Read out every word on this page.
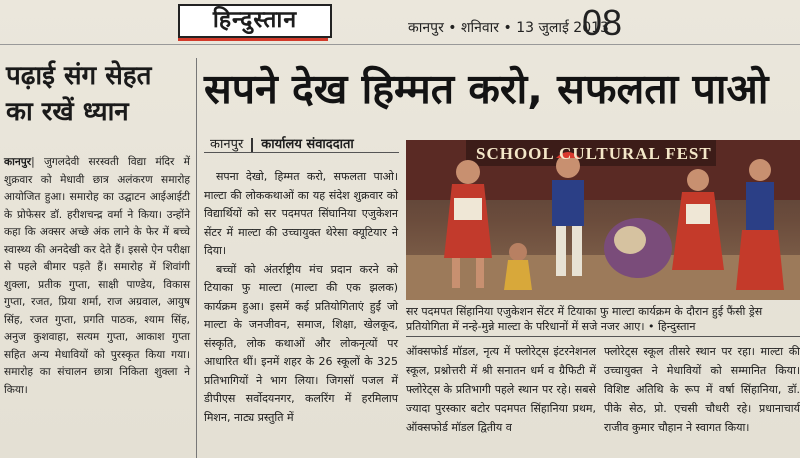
हिन्दुस्तान	कानपुर • शनिवार • 13 जुलाई 2013
08
पढ़ाई संग सेहत
का रखें ध्यान
कानपुर| जुगलदेवी सरस्वती विद्या मंदिर में शुक्रवार को मेधावी छात्र अलंकरण समारोह आयोजित हुआ। समारोह का उद्घाटन आईआईटी के प्रोफेसर डॉ. हरीशचन्द्र वर्मा ने किया। उन्होंने कहा कि अक्सर अच्छे अंक लाने के फेर में बच्चे स्वास्थ्य की अनदेखी कर देते हैं। इससे ऐन परीक्षा से पहले बीमार पड़ते हैं। समारोह में शिवांगी शुक्ला, प्रतीक गुप्ता, साक्षी पाण्डेय, विकास गुप्ता, रजत, प्रिया शर्मा, राज अग्रवाल, आयुष सिंह, रजत गुप्ता, प्रगति पाठक, श्याम सिंह, अनुज कुशवाहा, सत्यम गुप्ता, आकाश गुप्ता सहित अन्य मेधावियों को पुरस्कृत किया गया। समारोह का संचालन छात्रा निकिता शुक्ला ने किया।
सपने देख हिम्मत करो, सफलता पाओ
कानपुर कार्यालय संवाददाता

सपना देखो, हिम्मत करो, सफलता पाओ। माल्टा की लोककथाओं का यह संदेश शुक्रवार को विद्यार्थियों को सर पदमपत सिंघानिया एजुकेशन सेंटर में माल्टा की उच्चायुक्त थेरेसा क्यूटियार ने दिया।

बच्चों को अंतर्राष्ट्रीय मंच प्रदान करने को टियाका फु माल्टा (माल्टा की एक झलक) कार्यक्रम हुआ। इसमें कई प्रतियोगिताएं हुईं जो माल्टा के जनजीवन, समाज, शिक्षा, खेलकूद, संस्कृति, लोक कथाओं और लोकनृत्यों पर आधारित थीं। इनमें शहर के 26 स्कूलों के 325 प्रतिभागियों ने भाग लिया। जिगसॉ पजल में डीपीएस सर्वोदयनगर, कलरिंग में हरमिलाप मिशन, नाट्य प्रस्तुति में

SCHOOL CULTURAL FEST
सर पदमपत सिंहानिया एजुकेशन सेंटर में टियाका फु माल्टा कार्यक्रम के दौरान हुई फैंसी ड्रेस प्रतियोगिता में नन्हे-मुन्ने माल्टा के परिधानों में सजे नजर आए। • हिन्दुस्तान

ऑक्सफोर्ड मॉडल, नृत्य में फ्लोरेट्स इंटरनेशनल स्कूल, प्रश्नोत्तरी में श्री सनातन धर्म व ग्रैफिटी में फ्लोरेट्स के प्रतिभागी पहले स्थान पर रहे। सबसे ज्यादा पुरस्कार बटोर पदमपत सिंहानिया प्रथम, ऑक्सफोर्ड मॉडल द्वितीय व

फ्लोरेट्स स्कूल तीसरे स्थान पर रहा। माल्टा की उच्चायुक्त ने मेधावियों को सम्मानित किया। विशिष्ट अतिथि के रूप में वर्षा सिंहानिया, डॉ. पीके सेठ, प्रो. एचसी चौधरी रहे। प्रधानाचार्य राजीव कुमार चौहान ने स्वागत किया।
